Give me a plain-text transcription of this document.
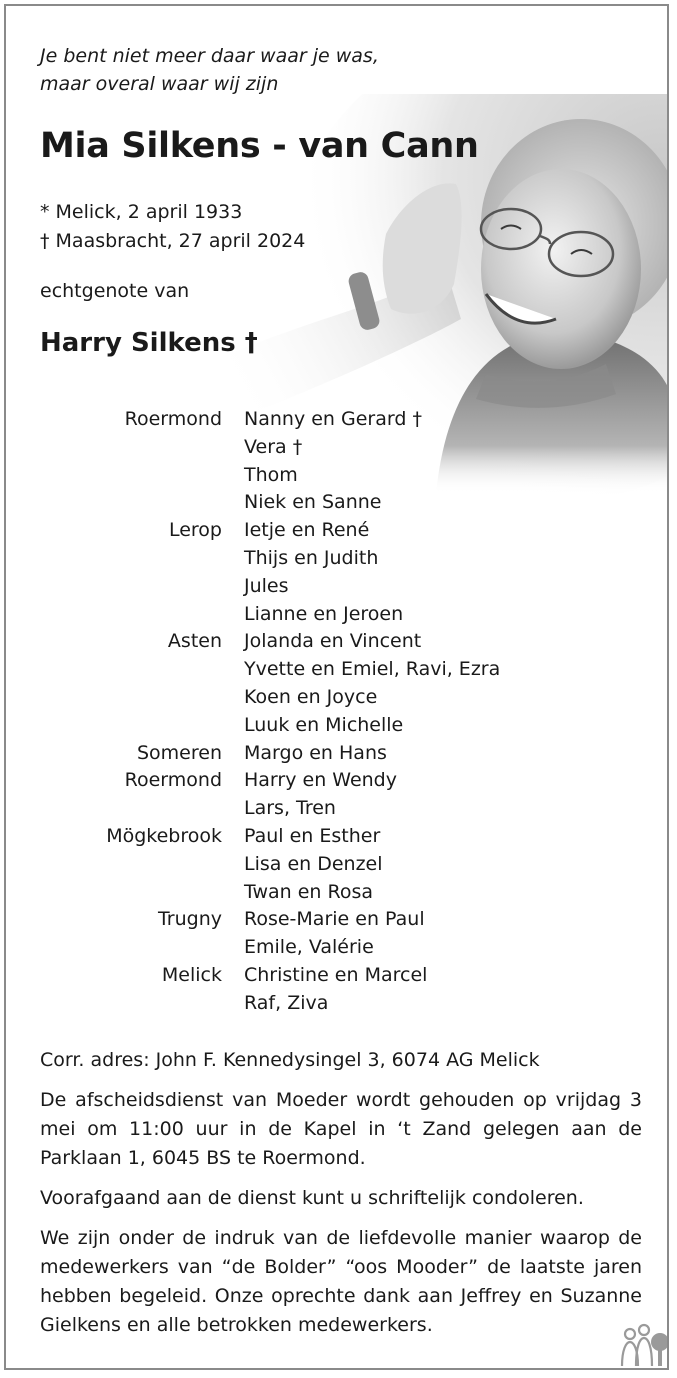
Je bent niet meer daar waar je was,
maar overal waar wij zijn
Mia Silkens - van Cann
* Melick, 2 april 1933
† Maasbracht, 27 april 2024
echtgenote van
Harry Silkens †
Roermond	Nanny en Gerard †
Vera †
Thom
Niek en Sanne
Lerop	Ietje en René
Thijs en Judith
Jules
Lianne en Jeroen
Asten	Jolanda en Vincent
Yvette en Emiel, Ravi, Ezra
Koen en Joyce
Luuk en Michelle
Someren	Margo en Hans
Roermond	Harry en Wendy
Lars, Tren
Mögkebrook	Paul en Esther
Lisa en Denzel
Twan en Rosa
Trugny	Rose-Marie en Paul
Emile, Valérie
Melick	Christine en Marcel
Raf, Ziva

Corr. adres: John F. Kennedysingel 3, 6074 AG Melick

De afscheidsdienst van Moeder wordt gehouden op vrijdag 3 mei om 11:00 uur in de Kapel in ‘t Zand gelegen aan de Parklaan 1, 6045 BS te Roermond.

Voorafgaand aan de dienst kunt u schriftelijk condoleren.

We zijn onder de indruk van de liefdevolle manier waarop de medewerkers van “de Bolder” “oos Mooder” de laatste jaren hebben begeleid. Onze oprechte dank aan Jeffrey en Suzanne Gielkens en alle betrokken medewerkers.
